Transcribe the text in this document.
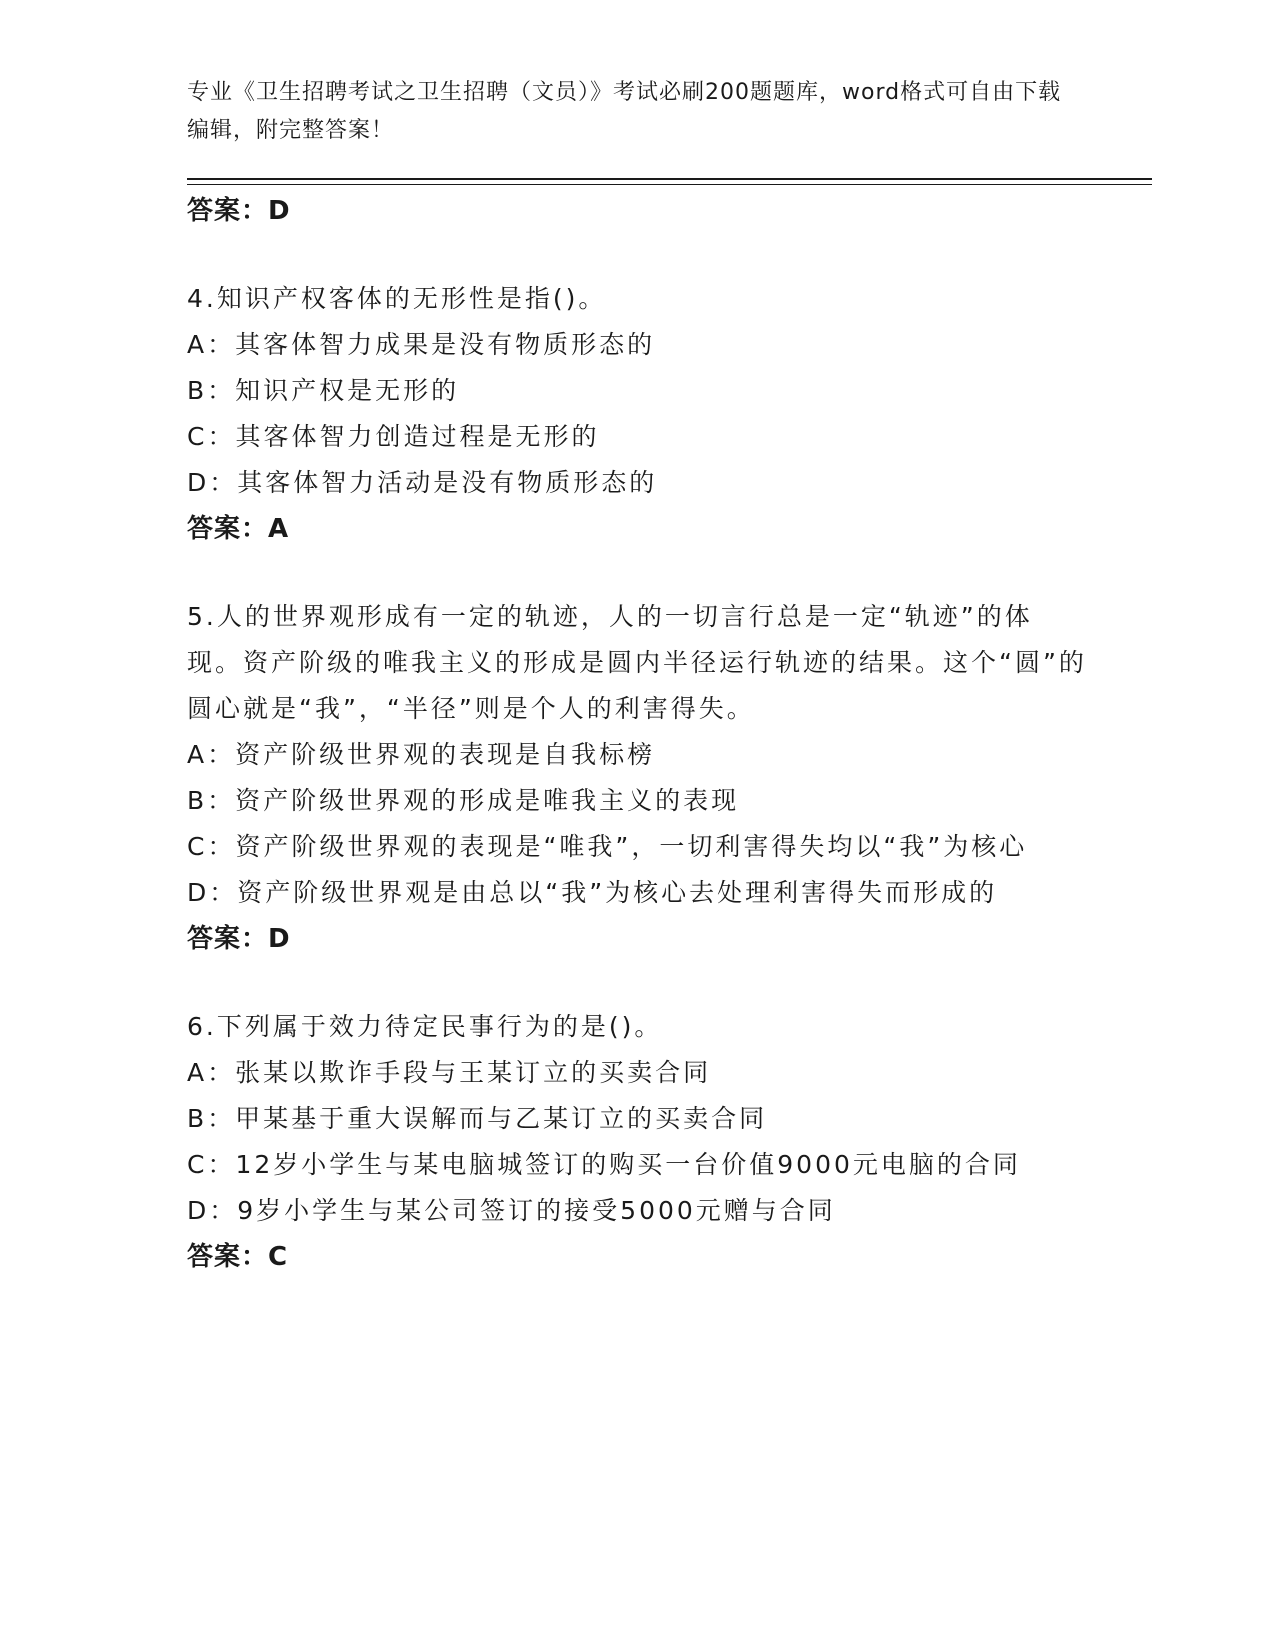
专业《卫生招聘考试之卫生招聘（文员）》考试必刷200题题库，word格式可自由下载编辑，附完整答案！
答案：D

4.知识产权客体的无形性是指()。

A：其客体智力成果是没有物质形态的

B：知识产权是无形的

C：其客体智力创造过程是无形的

D：其客体智力活动是没有物质形态的

答案：A

5.人的世界观形成有一定的轨迹，人的一切言行总是一定“轨迹”的体现。资产阶级的唯我主义的形成是圆内半径运行轨迹的结果。这个“圆”的圆心就是“我”，“半径”则是个人的利害得失。

A：资产阶级世界观的表现是自我标榜

B：资产阶级世界观的形成是唯我主义的表现

C：资产阶级世界观的表现是“唯我”，一切利害得失均以“我”为核心

D：资产阶级世界观是由总以“我”为核心去处理利害得失而形成的

答案：D

6.下列属于效力待定民事行为的是()。

A：张某以欺诈手段与王某订立的买卖合同

B：甲某基于重大误解而与乙某订立的买卖合同

C：12岁小学生与某电脑城签订的购买一台价值9000元电脑的合同

D：9岁小学生与某公司签订的接受5000元赠与合同

答案：C
